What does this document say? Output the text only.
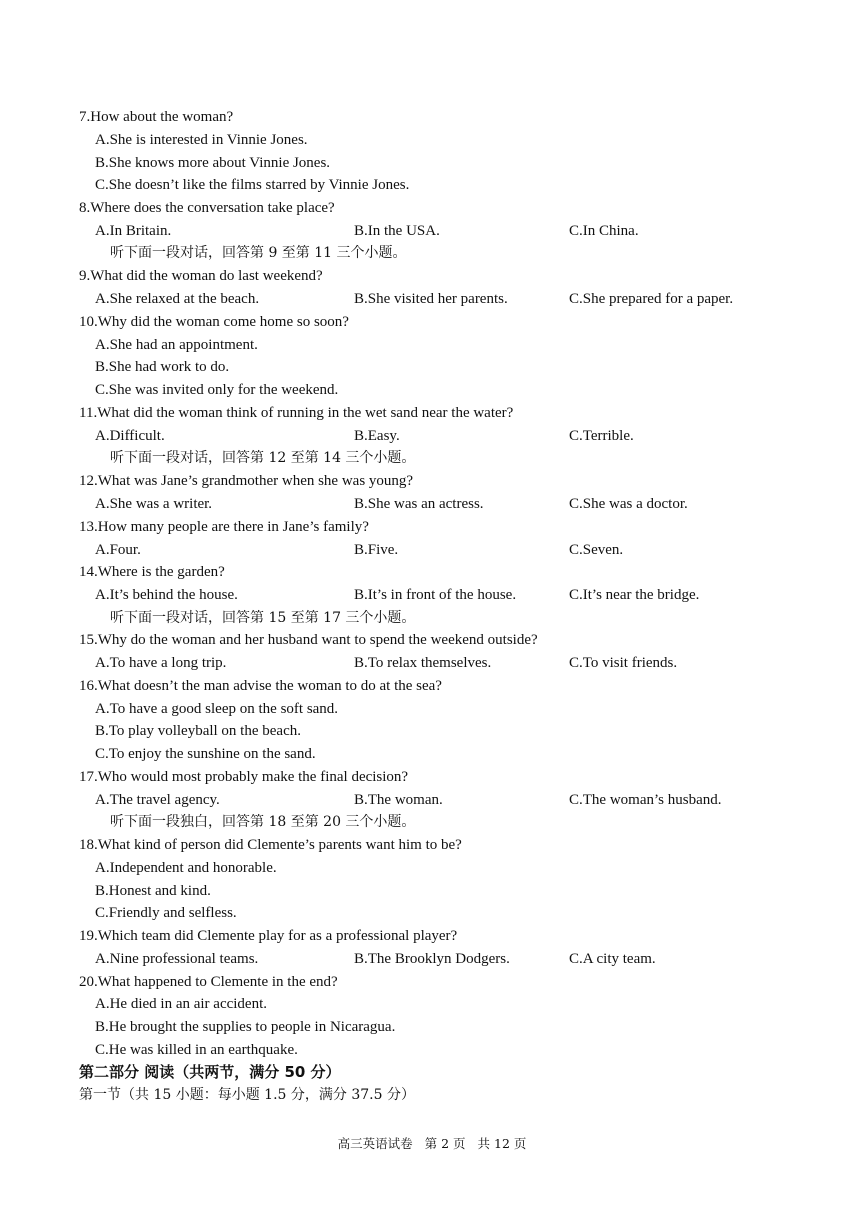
7.How about the woman?
A.She is interested in Vinnie Jones.
B.She knows more about Vinnie Jones.
C.She doesn’t like the films starred by Vinnie Jones.
8.Where does the conversation take place?
A.In Britain.	B.In the USA.	C.In China.
听下面一段对话，回答第 9 至第 11 三个小题。
9.What did the woman do last weekend?
A.She relaxed at the beach.	B.She visited her parents.	C.She prepared for a paper.
10.Why did the woman come home so soon?
A.She had an appointment.
B.She had work to do.
C.She was invited only for the weekend.
11.What did the woman think of running in the wet sand near the water?
A.Difficult.	B.Easy.	C.Terrible.
听下面一段对话，回答第 12 至第 14 三个小题。
12.What was Jane’s grandmother when she was young?
A.She was a writer.	B.She was an actress.	C.She was a doctor.
13.How many people are there in Jane’s family?
A.Four.	B.Five.	C.Seven.
14.Where is the garden?
A.It’s behind the house.	B.It’s in front of the house.	C.It’s near the bridge.
听下面一段对话，回答第 15 至第 17 三个小题。
15.Why do the woman and her husband want to spend the weekend outside?
A.To have a long trip.	B.To relax themselves.	C.To visit friends.
16.What doesn’t the man advise the woman to do at the sea?
A.To have a good sleep on the soft sand.
B.To play volleyball on the beach.
C.To enjoy the sunshine on the sand.
17.Who would most probably make the final decision?
A.The travel agency.	B.The woman.	C.The woman’s husband.
听下面一段独白，回答第 18 至第 20 三个小题。
18.What kind of person did Clemente’s parents want him to be?
A.Independent and honorable.
B.Honest and kind.
C.Friendly and selfless.
19.Which team did Clemente play for as a professional player?
A.Nine professional teams.	B.The Brooklyn Dodgers.	C.A city team.
20.What happened to Clemente in the end?
A.He died in an air accident.
B.He brought the supplies to people in Nicaragua.
C.He was killed in an earthquake.
第二部分 阅读（共两节，满分 50 分）
第一节（共 15 小题：每小题 1.5 分，满分 37.5 分）
高三英语试卷 第 2 页 共 12 页
